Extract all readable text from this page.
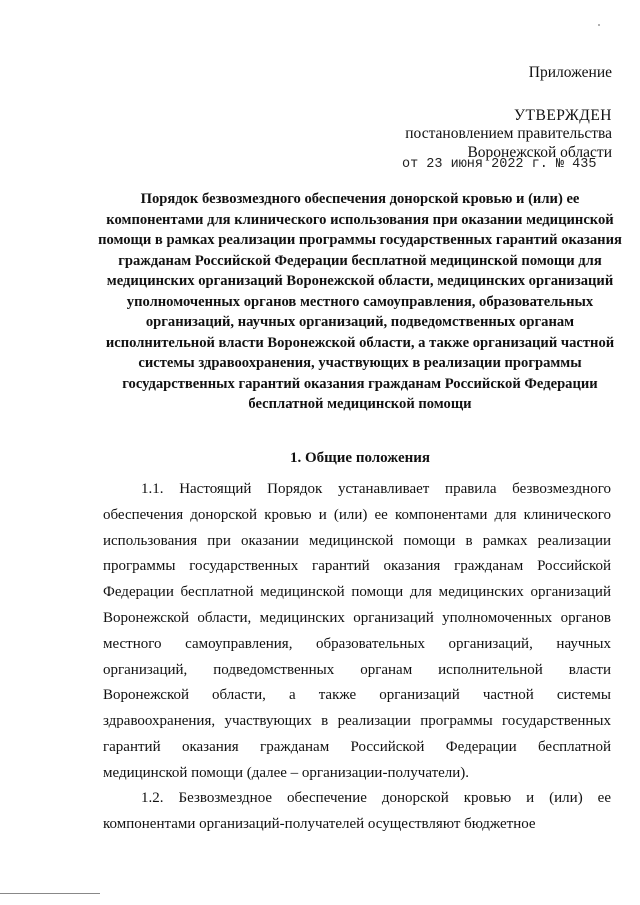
Приложение
УТВЕРЖДЕН
постановлением правительства
Воронежской области
от 23 июня 2022 г. № 435
Порядок безвозмездного обеспечения донорской кровью и (или) ее компонентами для клинического использования при оказании медицинской помощи в рамках реализации программы государственных гарантий оказания гражданам Российской Федерации бесплатной медицинской помощи для медицинских организаций Воронежской области, медицинских организаций уполномоченных органов местного самоуправления, образовательных организаций, научных организаций, подведомственных органам исполнительной власти Воронежской области, а также организаций частной системы здравоохранения, участвующих в реализации программы государственных гарантий оказания гражданам Российской Федерации бесплатной медицинской помощи
1. Общие положения
1.1. Настоящий Порядок устанавливает правила безвозмездного обеспечения донорской кровью и (или) ее компонентами для клинического использования при оказании медицинской помощи в рамках реализации программы государственных гарантий оказания гражданам Российской Федерации бесплатной медицинской помощи для медицинских организаций Воронежской области, медицинских организаций уполномоченных органов местного самоуправления, образовательных организаций, научных организаций, подведомственных органам исполнительной власти Воронежской области, а также организаций частной системы здравоохранения, участвующих в реализации программы государственных гарантий оказания гражданам Российской Федерации бесплатной медицинской помощи (далее – организации-получатели).
1.2. Безвозмездное обеспечение донорской кровью и (или) ее компонентами организаций-получателей осуществляют бюджетное
